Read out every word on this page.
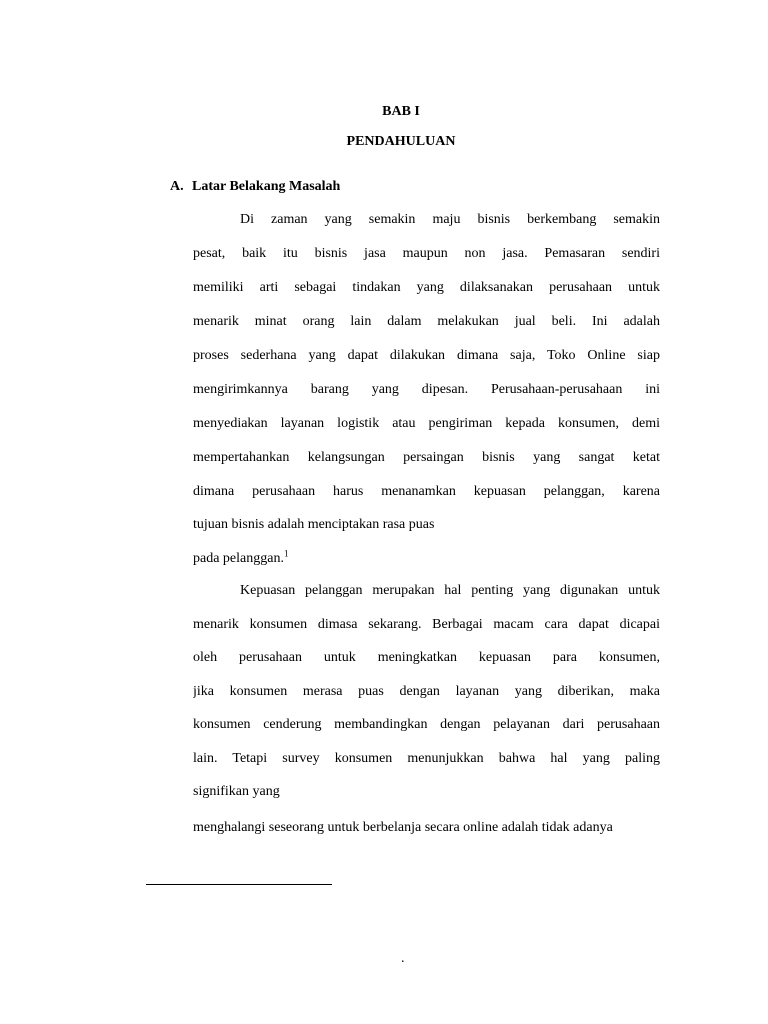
BAB I
PENDAHULUAN
A. Latar Belakang Masalah
Di zaman yang semakin maju bisnis berkembang semakin
pesat, baik itu bisnis jasa maupun non jasa. Pemasaran sendiri
memiliki arti sebagai tindakan yang dilaksanakan perusahaan untuk
menarik minat orang lain dalam melakukan jual beli. Ini adalah
proses sederhana yang dapat dilakukan dimana saja, Toko Online siap
mengirimkannya barang yang dipesan. Perusahaan-perusahaan ini
menyediakan layanan logistik atau pengiriman kepada konsumen, demi
mempertahankan kelangsungan persaingan bisnis yang sangat ketat
dimana perusahaan harus menanamkan kepuasan pelanggan, karena
tujuan bisnis adalah menciptakan rasa puas
pada pelanggan.$^1$
Kepuasan pelanggan merupakan hal penting yang digunakan untuk
menarik konsumen dimasa sekarang. Berbagai macam cara dapat dicapai
oleh perusahaan untuk meningkatkan kepuasan para konsumen,
jika konsumen merasa puas dengan layanan yang diberikan, maka
konsumen cenderung membandingkan dengan pelayanan dari perusahaan
lain. Tetapi survey konsumen menunjukkan bahwa hal yang paling
signifikan yang
menghalangi seseorang untuk berbelanja secara online adalah tidak adanya
.
